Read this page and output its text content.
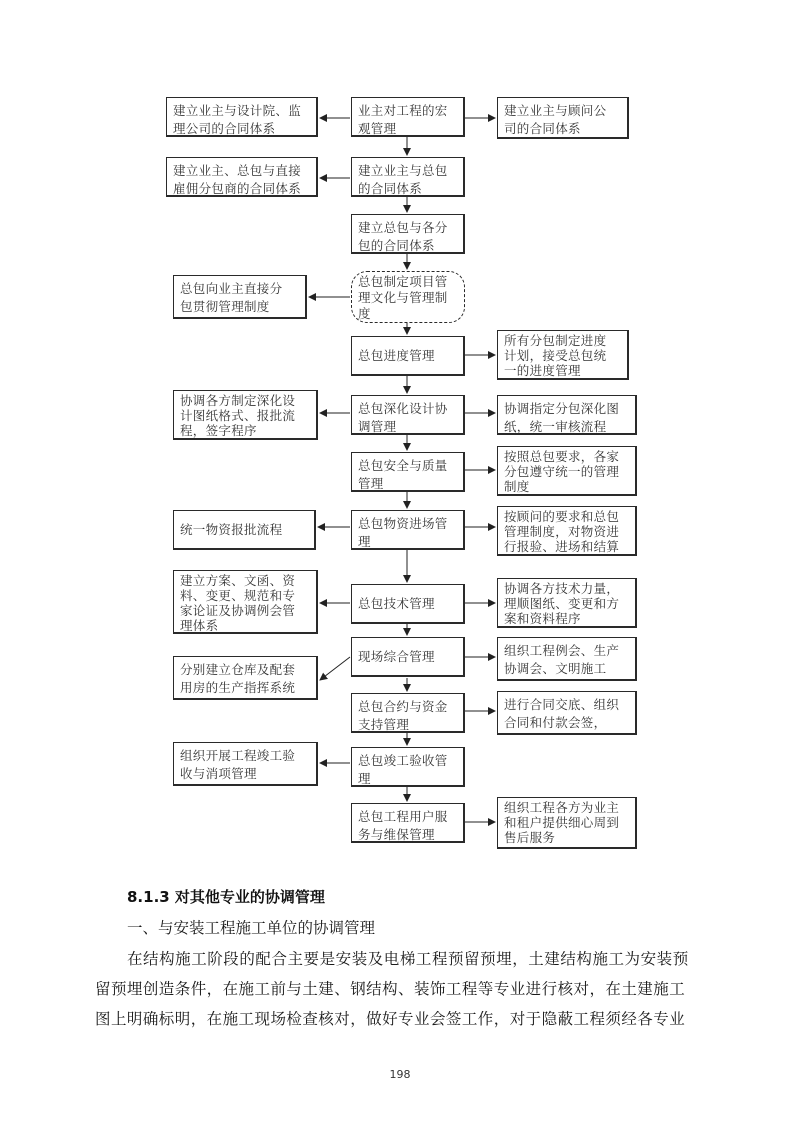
业主对工程的宏
观管理
建立业主与总包
的合同体系
建立总包与各分
包的合同体系
总包制定项目管
理文化与管理制
度
总包进度管理
总包深化设计协
调管理
总包安全与质量
管理
总包物资进场管
理
总包技术管理
现场综合管理
总包合约与资金
支持管理
总包竣工验收管
理
总包工程用户服
务与维保管理
建立业主与设计院、监
理公司的合同体系
建立业主、总包与直接
雇佣分包商的合同体系
总包向业主直接分
包贯彻管理制度
协调各方制定深化设
计图纸格式、报批流
程，签字程序
统一物资报批流程
建立方案、文函、资
料、变更、规范和专
家论证及协调例会管
理体系
分别建立仓库及配套
用房的生产指挥系统
组织开展工程竣工验
收与消项管理
建立业主与顾问公
司的合同体系
所有分包制定进度
计划，接受总包统
一的进度管理
协调指定分包深化图
纸，统一审核流程
按照总包要求，各家
分包遵守统一的管理
制度
按顾问的要求和总包
管理制度，对物资进
行报验、进场和结算
协调各方技术力量，
理顺图纸、变更和方
案和资料程序
组织工程例会、生产
协调会、文明施工
进行合同交底、组织
合同和付款会签，
组织工程各方为业主
和租户提供细心周到
售后服务
8.1.3 对其他专业的协调管理
一、与安装工程施工单位的协调管理
在结构施工阶段的配合主要是安装及电梯工程预留预埋，土建结构施工为安装预
留预埋创造条件，在施工前与土建、钢结构、装饰工程等专业进行核对，在土建施工
图上明确标明，在施工现场检查核对，做好专业会签工作，对于隐蔽工程须经各专业
198
